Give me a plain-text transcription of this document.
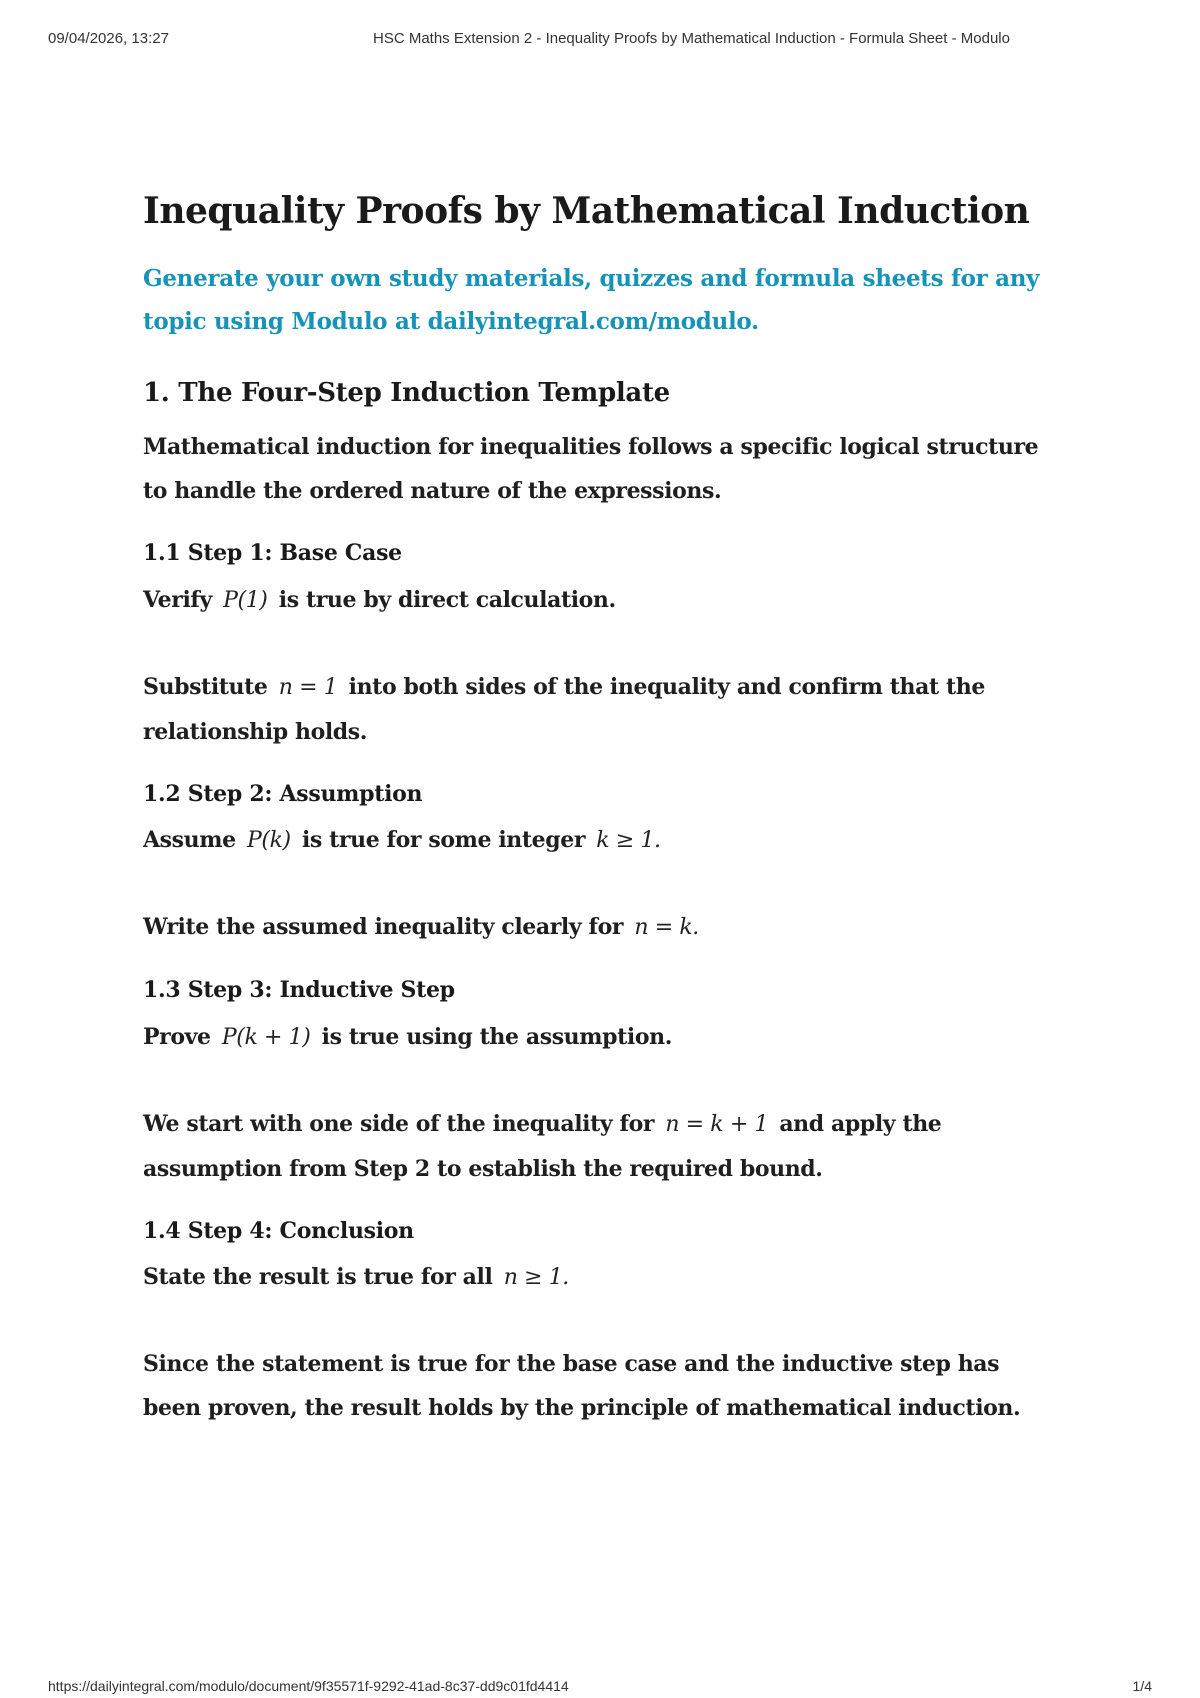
09/04/2026, 13:27	HSC Maths Extension 2 - Inequality Proofs by Mathematical Induction - Formula Sheet - Modulo
Inequality Proofs by Mathematical Induction
Generate your own study materials, quizzes and formula sheets for any topic using Modulo at dailyintegral.com/modulo.
1. The Four-Step Induction Template

Mathematical induction for inequalities follows a specific logical structure to handle the ordered nature of the expressions.

1.1 Step 1: Base Case

Verify P(1) is true by direct calculation.

Substitute n = 1 into both sides of the inequality and confirm that the relationship holds.

1.2 Step 2: Assumption

Assume P(k) is true for some integer k ≥ 1.

Write the assumed inequality clearly for n = k.

1.3 Step 3: Inductive Step

Prove P(k + 1) is true using the assumption.

We start with one side of the inequality for n = k + 1 and apply the assumption from Step 2 to establish the required bound.

1.4 Step 4: Conclusion

State the result is true for all n ≥ 1.

Since the statement is true for the base case and the inductive step has been proven, the result holds by the principle of mathematical induction.

https://dailyintegral.com/modulo/document/9f35571f-9292-41ad-8c37-dd9c01fd4414	1/4
